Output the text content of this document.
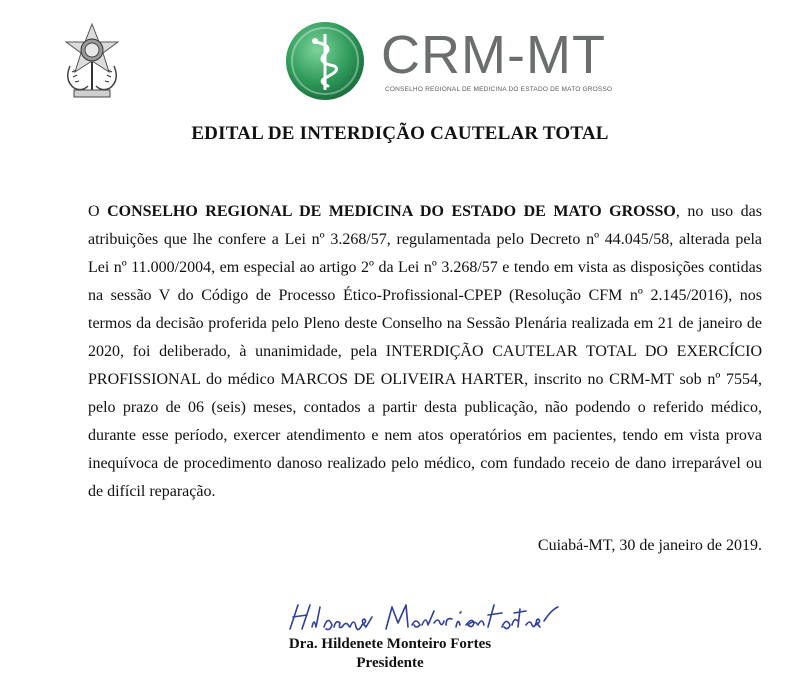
CRM-MT
CONSELHO REGIONAL DE MEDICINA DO ESTADO DE MATO GROSSO
EDITAL DE INTERDIÇÃO CAUTELAR TOTAL
O CONSELHO REGIONAL DE MEDICINA DO ESTADO DE MATO GROSSO, no uso das atribuições que lhe confere a Lei nº 3.268/57, regulamentada pelo Decreto nº 44.045/58, alterada pela Lei nº 11.000/2004, em especial ao artigo 2º da Lei nº 3.268/57 e tendo em vista as disposições contidas na sessão V do Código de Processo Ético-Profissional-CPEP (Resolução CFM nº 2.145/2016), nos termos da decisão proferida pelo Pleno deste Conselho na Sessão Plenária realizada em 21 de janeiro de 2020, foi deliberado, à unanimidade, pela INTERDIÇÃO CAUTELAR TOTAL DO EXERCÍCIO PROFISSIONAL do médico MARCOS DE OLIVEIRA HARTER, inscrito no CRM-MT sob nº 7554, pelo prazo de 06 (seis) meses, contados a partir desta publicação, não podendo o referido médico, durante esse período, exercer atendimento e nem atos operatórios em pacientes, tendo em vista prova inequívoca de procedimento danoso realizado pelo médico, com fundado receio de dano irreparável ou de difícil reparação.
Cuiabá-MT, 30 de janeiro de 2019.
Dra. Hildenete Monteiro Fortes
Presidente
